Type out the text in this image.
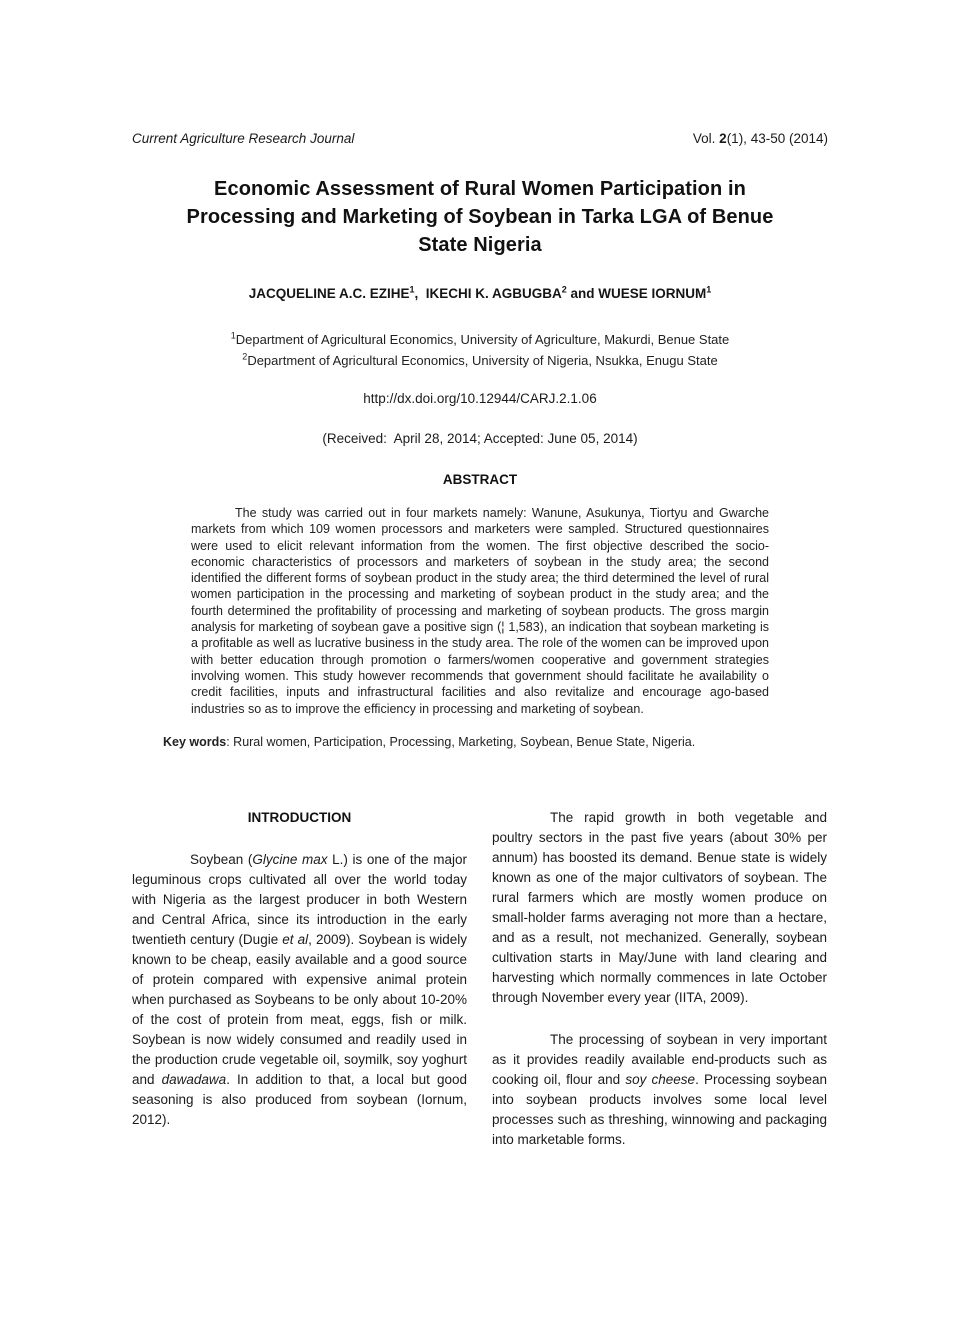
Current Agriculture Research Journal	Vol. 2(1), 43-50 (2014)
Economic Assessment of Rural Women Participation in
Processing and Marketing of Soybean in Tarka LGA of Benue
State Nigeria
JACQUELINE A.C. EZIHE$^1$,  IKECHI K. AGBUGBA$^2$ and WUESE IORNUM$^1$
$^1$Department of Agricultural Economics, University of Agriculture, Makurdi, Benue State
$^2$Department of Agricultural Economics, University of Nigeria, Nsukka, Enugu State
http://dx.doi.org/10.12944/CARJ.2.1.06
(Received:  April 28, 2014; Accepted: June 05, 2014)
ABSTRACT

The study was carried out in four markets namely: Wanune, Asukunya, Tiortyu and Gwarche markets from which 109 women processors and marketers were sampled. Structured questionnaires were used to elicit relevant information from the women. The first objective described the socio-economic characteristics of processors and marketers of soybean in the study area; the second identified the different forms of soybean product in the study area; the third determined the level of rural women participation in the processing and marketing of soybean product in the study area; and the fourth determined the profitability of processing and marketing of soybean products. The gross margin analysis for marketing of soybean gave a positive sign (¦ 1,583), an indication that soybean marketing is a profitable as well as lucrative business in the study area. The role of the women can be improved upon with better education through promotion o farmers/women cooperative and government strategies involving women. This study however recommends that government should facilitate he availability o credit facilities, inputs and infrastructural facilities and also revitalize and encourage ago-based industries so as to improve the efficiency in processing and marketing of soybean.

Key words: Rural women, Participation, Processing, Marketing, Soybean, Benue State, Nigeria.
INTRODUCTION

Soybean (Glycine max L.) is one of the major leguminous crops cultivated all over the world today with Nigeria as the largest producer in both Western and Central Africa, since its introduction in the early twentieth century (Dugie et al, 2009). Soybean is widely known to be cheap, easily available and a good source of protein compared with expensive animal protein when purchased as Soybeans to be only about 10-20% of the cost of protein from meat, eggs, fish or milk. Soybean is now widely consumed and readily used in the production crude vegetable oil, soymilk, soy yoghurt and dawadawa. In addition to that, a local but good seasoning is also produced from soybean (Iornum, 2012).

The rapid growth in both vegetable and poultry sectors in the past five years (about 30% per annum) has boosted its demand. Benue state is widely known as one of the major cultivators of soybean. The rural farmers which are mostly women produce on small-holder farms averaging not more than a hectare, and as a result, not mechanized. Generally, soybean cultivation starts in May/June with land clearing and harvesting which normally commences in late October through November every year (IITA, 2009).

The processing of soybean in very important as it provides readily available end-products such as cooking oil, flour and soy cheese. Processing soybean into soybean products involves some local level processes such as threshing, winnowing and packaging into marketable forms.
